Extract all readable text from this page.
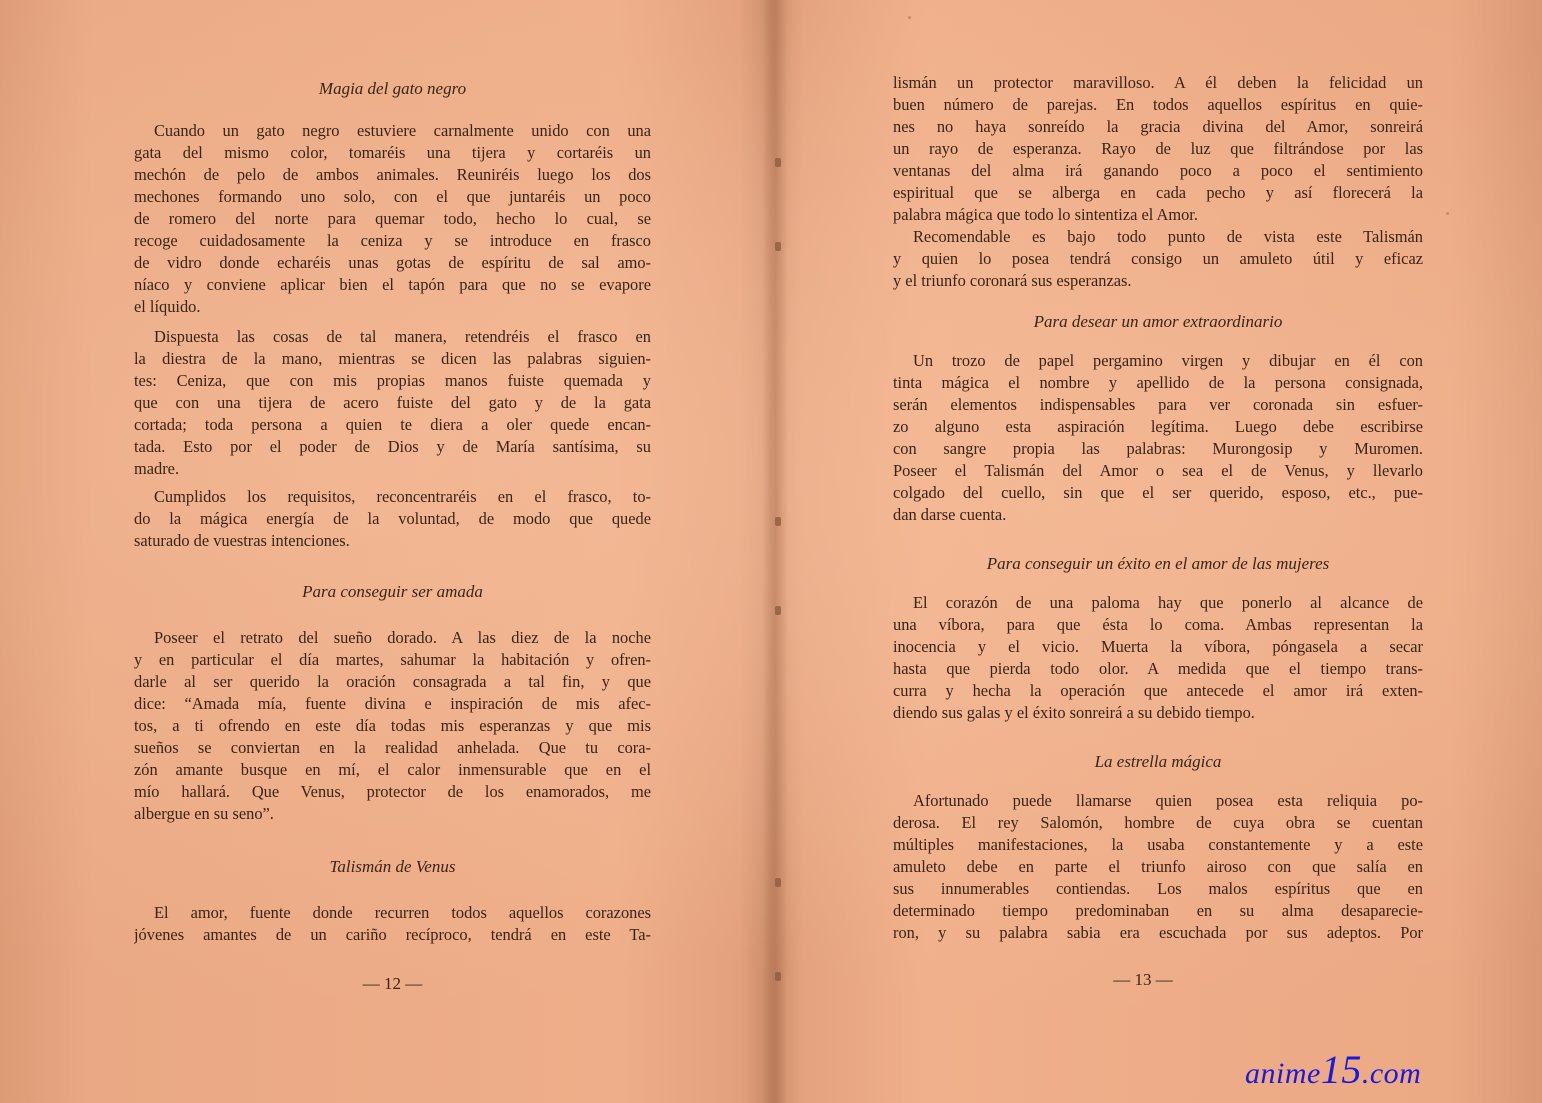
Magia del gato negro
Cuando un gato negro estuviere carnalmente unido con una
gata del mismo color, tomaréis una tijera y cortaréis un
mechón de pelo de ambos animales. Reuniréis luego los dos
mechones formando uno solo, con el que juntaréis un poco
de romero del norte para quemar todo, hecho lo cual, se
recoge cuidadosamente la ceniza y se introduce en frasco
de vidro donde echaréis unas gotas de espíritu de sal amo-
níaco y conviene aplicar bien el tapón para que no se evapore
el líquido.
Dispuesta las cosas de tal manera, retendréis el frasco en
la diestra de la mano, mientras se dicen las palabras siguien-
tes: Ceniza, que con mis propias manos fuiste quemada y
que con una tijera de acero fuiste del gato y de la gata
cortada; toda persona a quien te diera a oler quede encan-
tada. Esto por el poder de Dios y de María santísima, su
madre.
Cumplidos los requisitos, reconcentraréis en el frasco, to-
do la mágica energía de la voluntad, de modo que quede
saturado de vuestras intenciones.
Para conseguir ser amada
Poseer el retrato del sueño dorado. A las diez de la noche
y en particular el día martes, sahumar la habitación y ofren-
darle al ser querido la oración consagrada a tal fin, y que
dice: “Amada mía, fuente divina e inspiración de mis afec-
tos, a ti ofrendo en este día todas mis esperanzas y que mis
sueños se conviertan en la realidad anhelada. Que tu cora-
zón amante busque en mí, el calor inmensurable que en el
mío hallará. Que Venus, protector de los enamorados, me
albergue en su seno”.
Talismán de Venus
El amor, fuente donde recurren todos aquellos corazones
jóvenes amantes de un cariño recíproco, tendrá en este Ta-
— 12 —
lismán un protector maravilloso. A él deben la felicidad un
buen número de parejas. En todos aquellos espíritus en quie-
nes no haya sonreído la gracia divina del Amor, sonreirá
un rayo de esperanza. Rayo de luz que filtrándose por las
ventanas del alma irá ganando poco a poco el sentimiento
espiritual que se alberga en cada pecho y así florecerá la
palabra mágica que todo lo sintentiza el Amor.
Recomendable es bajo todo punto de vista este Talismán
y quien lo posea tendrá consigo un amuleto útil y eficaz
y el triunfo coronará sus esperanzas.
Para desear un amor extraordinario
Un trozo de papel pergamino virgen y dibujar en él con
tinta mágica el nombre y apellido de la persona consignada,
serán elementos indispensables para ver coronada sin esfuer-
zo alguno esta aspiración legítima. Luego debe escribirse
con sangre propia las palabras: Murongosip y Muromen.
Poseer el Talismán del Amor o sea el de Venus, y llevarlo
colgado del cuello, sin que el ser querido, esposo, etc., pue-
dan darse cuenta.
Para conseguir un éxito en el amor de las mujeres
El corazón de una paloma hay que ponerlo al alcance de
una víbora, para que ésta lo coma. Ambas representan la
inocencia y el vicio. Muerta la víbora, póngasela a secar
hasta que pierda todo olor. A medida que el tiempo trans-
curra y hecha la operación que antecede el amor irá exten-
diendo sus galas y el éxito sonreirá a su debido tiempo.
La estrella mágica
Afortunado puede llamarse quien posea esta reliquia po-
derosa. El rey Salomón, hombre de cuya obra se cuentan
múltiples manifestaciones, la usaba constantemente y a este
amuleto debe en parte el triunfo airoso con que salía en
sus innumerables contiendas. Los malos espíritus que en
determinado tiempo predominaban en su alma desaparecie-
ron, y su palabra sabia era escuchada por sus adeptos. Por
— 13 —
anime15.com
